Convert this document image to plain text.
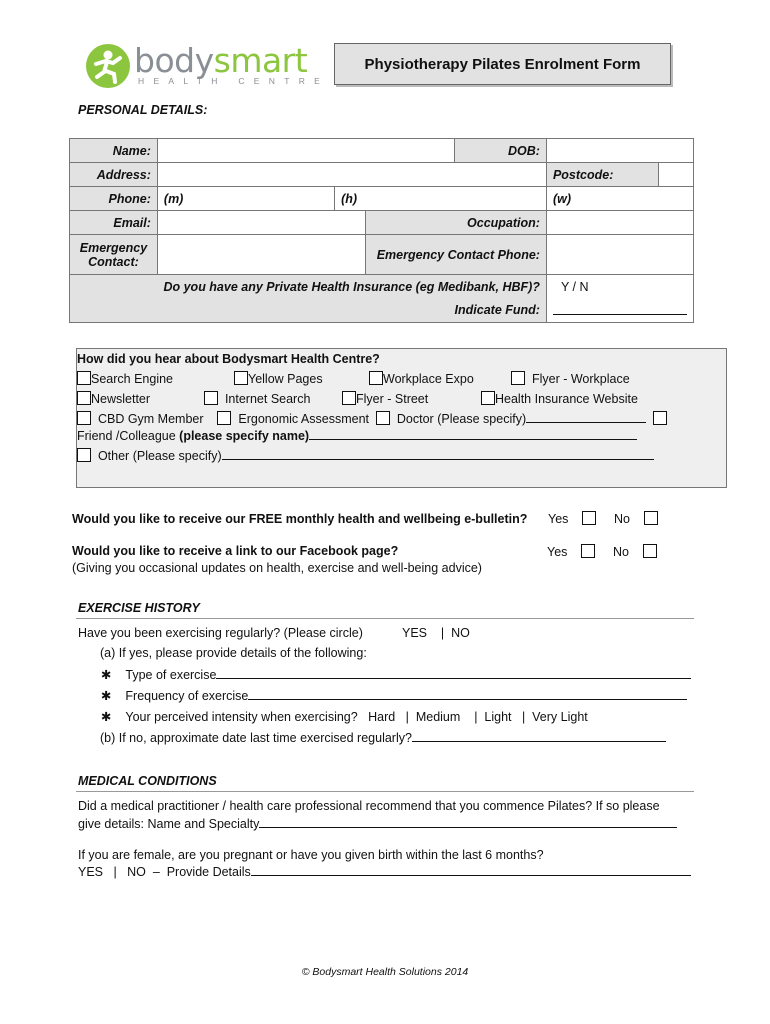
bodysmart
HEALTH CENTRE
Physiotherapy Pilates Enrolment Form
PERSONAL DETAILS:
Name:				DOB:		
Address:					Postcode:	
Phone:	(m)	(h)			(w)	
Email:			Occupation:			
Emergency Contact:			Emergency Contact Phone:			
Do you have any Private Health Insurance (eg Medibank, HBF)?					Y / N	
Indicate Fund:						
How did you hear about Bodysmart Health Centre?
Search Engine	Yellow Pages	Workplace Expo	Flyer - Workplace
Newsletter	Internet Search	Flyer - Street	Health Insurance Website
CBD Gym Member	Ergonomic Assessment Doctor (Please specify)
Friend /Colleague (please specify name)
Other (Please specify)
Would you like to receive our FREE monthly health and wellbeing e-bulletin? Yes	No
Would you like to receive a link to our Facebook page?
(Giving you occasional updates on health, exercise and well-being advice)
Yes	No
EXERCISE HISTORY
Have you been exercising regularly? (Please circle)	YES | NO
(a) If yes, please provide details of the following:
✱ Type of exercise
✱ Frequency of exercise
✱ Your perceived intensity when exercising? Hard | Medium | Light | Very Light
(b) If no, approximate date last time exercised regularly?
MEDICAL CONDITIONS
Did a medical practitioner / health care professional recommend that you commence Pilates? If so please
give details: Name and Specialty
If you are female, are you pregnant or have you given birth within the last 6 months?
YES | NO – Provide Details
© Bodysmart Health Solutions 2014
